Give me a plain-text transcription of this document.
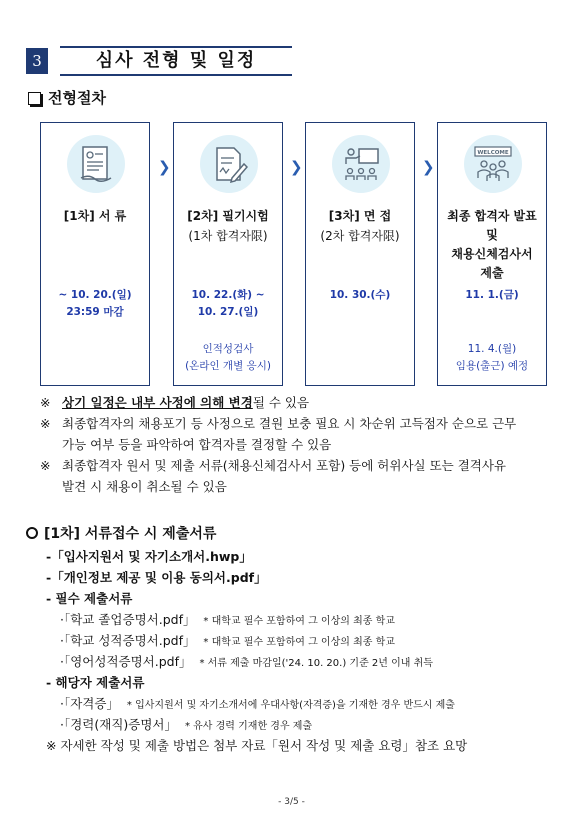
3	심사 전형 및 일정
전형절차
[1차] 서 류
~ 10. 20.(일)
23:59 마감
❯
[2차] 필기시험
(1차 합격자限)
10. 22.(화) ~
10. 27.(일)
인적성검사
(온라인 개별 응시)
❯
[3차] 면 접
(2차 합격자限)
10. 30.(수)
❯
WELCOME
최종 합격자 발표
및
채용신체검사서
제출
11. 1.(금)
11. 4.(월)
임용(출근) 예정
※ 상기 일정은 내부 사정에 의해 변경될 수 있음
※ 최종합격자의 채용포기 등 사정으로 결원 보충 필요 시 차순위 고득점자 순으로 근무
가능 여부 등을 파악하여 합격자를 결정할 수 있음
※ 최종합격자 원서 및 제출 서류(채용신체검사서 포함) 등에 허위사실 또는 결격사유
발견 시 채용이 취소될 수 있음
[1차] 서류접수 시 제출서류
-「입사지원서 및 자기소개서.hwp」
-「개인정보 제공 및 이용 동의서.pdf」
- 필수 제출서류
·「학교 졸업증명서.pdf」 * 대학교 필수 포함하여 그 이상의 최종 학교
·「학교 성적증명서.pdf」 * 대학교 필수 포함하여 그 이상의 최종 학교
·「영어성적증명서.pdf」 * 서류 제출 마감일('24. 10. 20.) 기준 2년 이내 취득
- 해당자 제출서류
·「자격증」 * 입사지원서 및 자기소개서에 우대사항(자격증)을 기재한 경우 반드시 제출
·「경력(재직)증명서」 * 유사 경력 기재한 경우 제출
※ 자세한 작성 및 제출 방법은 첨부 자료「원서 작성 및 제출 요령」참조 요망
- 3/5 -
